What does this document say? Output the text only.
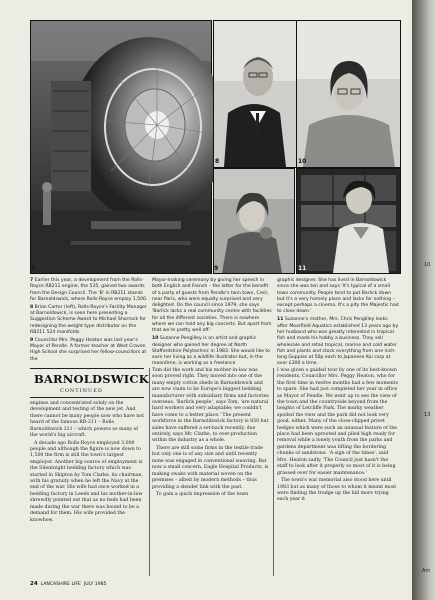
7
8
9

7 Earlier this year, a development from the Rolls-Royce RB211 engine, the 535, gained two awards from the Design Council. The 'B' in RB211 stands for Barnoldswick, where Rolls-Royce employ 1,500.

8 Brian Carter (left), Rolls-Royce's Facility Manager at Barnoldswick, is seen here presenting a Suggestion Scheme Award to Michael Shorrock for redesigning the weight type distributor on the RB211 524 manifolds.

9 Councillor Mrs. Peggy Heaton was last year's Mayor of Pendle. A former teacher at West Craven High School she surprised her fellow-councillors at the

Mayor-making ceremony by giving her speech in both English and French – the latter for the benefit of a party of guests from Pendle's twin town, Creil, near Paris, who were equally surprised and very delighted. On the council since 1979, she says 'Barlick lacks a real community centre with facilities for all the different societies. There is nowhere where we can hold any big concerts. But apart from that we're pretty well off.'

10 Suzanne Pengilley is an artist and graphic designer who gained her degree at North Staffordshire Polytechnic in 1983. She would like to earn her living as a wildlife illustrator but, in the meantime, is working as a freelance

graphic designer. She has lived in Barnoldswick since she was ten and says 'It's typical of a small town community. People tend to put Barlick down but it's a very homely place and lacks for nothing – except perhaps a cinema. It's a pity the Majestic had to close down.'

11 Suzanne's mother, Mrs. Chris Pengilley looks after Moorfield Aquatics established 13 years ago by her husband who was greatly interested in tropical fish and made his hobby a business. They sell wholesale and retail tropical, marine and cold water fish and plants and stock everything from one inch-long Guppies at 50p each to Japanese Koi carp at over £300 a time.

BARNOLDSWICK
CONTINUED

engines and concentrated solely on the development and testing of the new jet. And there cannot be many people now who have not heard of the famous RB-211 – Rolls Barnoldswick 211 – which powers so many of the world's big aircraft.

A decade ago Rolls-Royce employed 3,000 people and although the figure is now down to 1,500 the firm is still the town's largest employer. Another big source of employment is the Silentnight bedding factory which was started in Skipton by Tom Clarke, its chairman, with his gratuity when he left the Navy at the end of the war. His wife had once worked in a bedding factory in Leeds and his mother-in-law shrewdly pointed out that as no beds had been made during the war there was bound to be a demand for them. His wife provided the knowhow.

Tom did the work and his mother-in-law was soon proved right. They moved into one of the many empty cotton sheds in Barnoldswick and are now claim to be Europe's biggest bedding manufacturer with subsidiary firms and factories overseas. 'Barlick people', says Tom, 'are natural hard workers and very adaptable; we couldn't have come to a better place.' The present workforce in the Barnoldswick factory is 850 but sales have suffered a set-back recently, due entirely, says Mr. Clarke, to over-production within the industry as a whole.

There are still some firms in the textile trade but only one is of any size and until recently none was engaged in conventional weaving. But now a small concern, Eagle Hospital Products, is making swabs with material woven on the premises – albeit by modern methods – thus providing a slender link with the past.

To gain a quick impression of the town

I was given a guided tour by one of its best-known residents, Councillor Mrs. Peggy Heaton, who for the first time in twelve months had a few moments to spare. She had just completed her year in office as Mayor of Pendle. We went up to see the view of the town and the countryside beyond from the heights of Letcliffe Park. The murky weather spoiled the view and the park did not look very good, either. Many of the close-clipped privet hedges which were such an unusual feature of the place had been uprooted and piled high ready for removal while a lonely youth from the parks and gardens department was lifting the bordering chunks of sandstone. 'A sign of the times', said Mrs. Heaton sadly. 'The Council just hasn't the staff to look after it properly so most of it is being grassed over for easier maintenance.'

The town's war memorial also stood here until 1983 but as many of those to whom it meant most were finding the trudge up the hill more trying each year it

24 LANCASHIRE LIFE JULY 1985
10
11	10
13
Am
